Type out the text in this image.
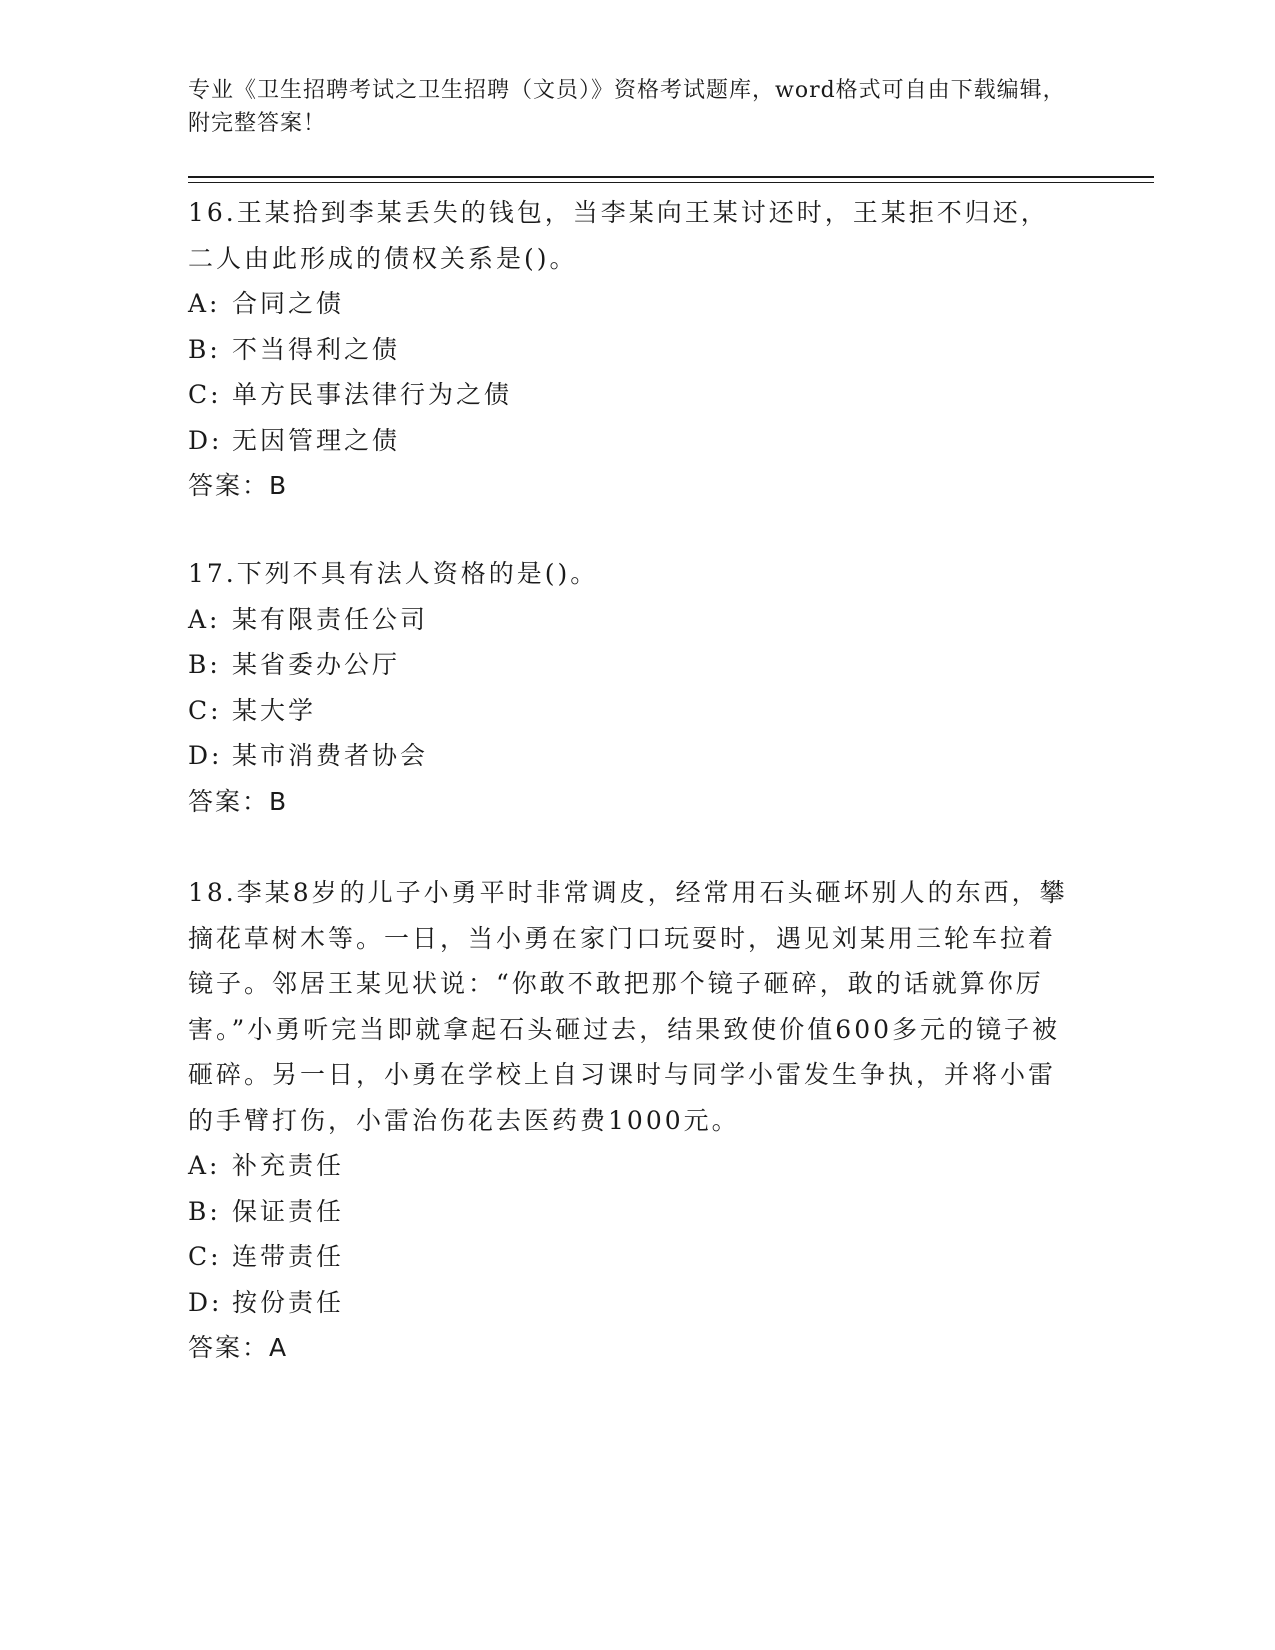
专业《卫生招聘考试之卫生招聘（文员）》资格考试题库，word格式可自由下载编辑，附完整答案！
16.王某拾到李某丢失的钱包，当李某向王某讨还时，王某拒不归还，二人由此形成的债权关系是()。
A: 合同之债
B: 不当得利之债
C: 单方民事法律行为之债
D: 无因管理之债
答案：B
17.下列不具有法人资格的是()。
A: 某有限责任公司
B: 某省委办公厅
C: 某大学
D: 某市消费者协会
答案：B
18.李某8岁的儿子小勇平时非常调皮，经常用石头砸坏别人的东西，攀摘花草树木等。一日，当小勇在家门口玩耍时，遇见刘某用三轮车拉着镜子。邻居王某见状说：“你敢不敢把那个镜子砸碎，敢的话就算你厉害。”小勇听完当即就拿起石头砸过去，结果致使价值600多元的镜子被砸碎。另一日，小勇在学校上自习课时与同学小雷发生争执，并将小雷的手臂打伤，小雷治伤花去医药费1000元。
A: 补充责任
B: 保证责任
C: 连带责任
D: 按份责任
答案：A
